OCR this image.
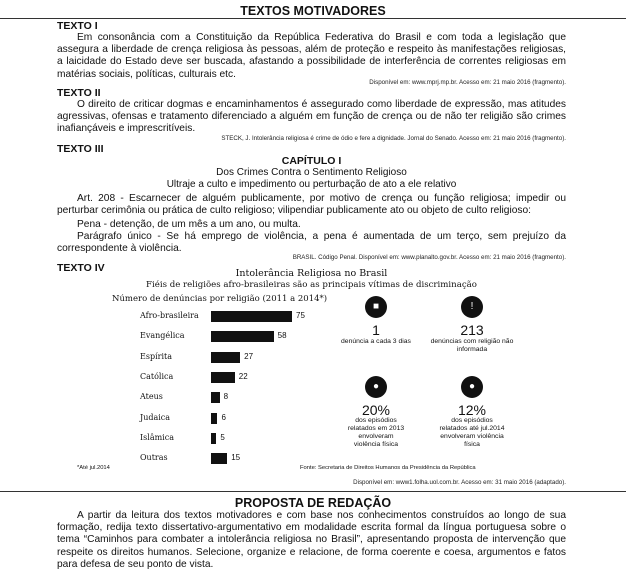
TEXTOS MOTIVADORES
TEXTO I
Em consonância com a Constituição da República Federativa do Brasil e com toda a legislação que assegura a liberdade de crença religiosa às pessoas, além de proteção e respeito às manifestações religiosas, a laicidade do Estado deve ser buscada, afastando a possibilidade de interferência de correntes religiosas em matérias sociais, políticas, culturais etc.
Disponível em: www.mprj.mp.br. Acesso em: 21 maio 2016 (fragmento).
TEXTO II
O direito de criticar dogmas e encaminhamentos é assegurado como liberdade de expressão, mas atitudes agressivas, ofensas e tratamento diferenciado a alguém em função de crença ou de não ter religião são crimes inafiançáveis e imprescritíveis.
STECK, J. Intolerância religiosa é crime de ódio e fere a dignidade. Jornal do Senado. Acesso em: 21 maio 2016 (fragmento).
TEXTO III
CAPÍTULO I
Dos Crimes Contra o Sentimento Religioso
Ultraje a culto e impedimento ou perturbação de ato a ele relativo
Art. 208 - Escarnecer de alguém publicamente, por motivo de crença ou função religiosa; impedir ou perturbar cerimônia ou prática de culto religioso; vilipendiar publicamente ato ou objeto de culto religioso:
Pena - detenção, de um mês a um ano, ou multa.
Parágrafo único - Se há emprego de violência, a pena é aumentada de um terço, sem prejuízo da correspondente à violência.
BRASIL. Código Penal. Disponível em: www.planalto.gov.br. Acesso em: 21 maio 2016 (fragmento).
TEXTO IV	Intolerância Religiosa no Brasil
Fiéis de religiões afro-brasileiras são as principais vítimas de discriminação
Número de denúncias por religião (2011 a 2014*)
Afro-brasileira	75
Evangélica	58
Espírita	27
Católica	22
Ateus	8
Judaica	6
Islâmica	5
Outras	15
■
1
denúncia a cada 3 dias
!
213
denúncias com religião não informada
●
20%
dos episódios relatados em 2013 envolveram violência física
●
12%
dos episódios relatados até jul.2014 envolveram violência física
*Até jul.2014	Fonte: Secretaria de Direitos Humanos da Presidência da República
Disponível em: www1.folha.uol.com.br. Acesso em: 31 maio 2016 (adaptado).
PROPOSTA DE REDAÇÃO
A partir da leitura dos textos motivadores e com base nos conhecimentos construídos ao longo de sua formação, redija texto dissertativo-argumentativo em modalidade escrita formal da língua portuguesa sobre o tema “Caminhos para combater a intolerância religiosa no Brasil”, apresentando proposta de intervenção que respeite os direitos humanos. Selecione, organize e relacione, de forma coerente e coesa, argumentos e fatos para defesa de seu ponto de vista.
